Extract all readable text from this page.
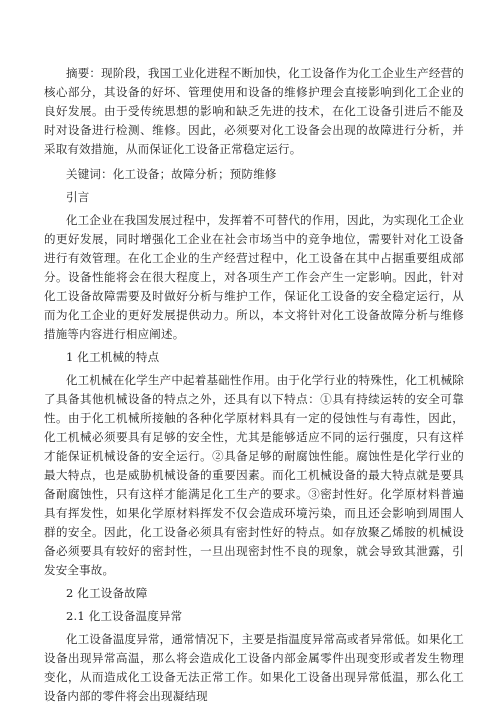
摘要：现阶段，我国工业化进程不断加快，化工设备作为化工企业生产经营的核心部分，其设备的好坏、管理使用和设备的维修护理会直接影响到化工企业的良好发展。由于受传统思想的影响和缺乏先进的技术，在化工设备引进后不能及时对设备进行检测、维修。因此，必须要对化工设备会出现的故障进行分析，并采取有效措施，从而保证化工设备正常稳定运行。

关键词：化工设备；故障分析；预防维修

引言

化工企业在我国发展过程中，发挥着不可替代的作用，因此，为实现化工企业的更好发展，同时增强化工企业在社会市场当中的竞争地位，需要针对化工设备进行有效管理。在化工企业的生产经营过程中，化工设备在其中占据重要组成部分。设备性能将会在很大程度上，对各项生产工作会产生一定影响。因此，针对化工设备故障需要及时做好分析与维护工作，保证化工设备的安全稳定运行，从而为化工企业的更好发展提供动力。所以，本文将针对化工设备故障分析与维修措施等内容进行相应阐述。

1 化工机械的特点

化工机械在化学生产中起着基础性作用。由于化学行业的特殊性，化工机械除了具备其他机械设备的特点之外，还具有以下特点：①具有持续运转的安全可靠性。由于化工机械所接触的各种化学原材料具有一定的侵蚀性与有毒性，因此，化工机械必须要具有足够的安全性，尤其是能够适应不同的运行强度，只有这样才能保证机械设备的安全运行。②具备足够的耐腐蚀性能。腐蚀性是化学行业的最大特点，也是威胁机械设备的重要因素。而化工机械设备的最大特点就是要具备耐腐蚀性，只有这样才能满足化工生产的要求。③密封性好。化学原材料普遍具有挥发性，如果化学原材料挥发不仅会造成环境污染，而且还会影响到周围人群的安全。因此，化工设备必须具有密封性好的特点。如存放聚乙烯胺的机械设备必须要具有较好的密封性，一旦出现密封性不良的现象，就会导致其泄露，引发安全事故。

2 化工设备故障

2.1 化工设备温度异常

化工设备温度异常，通常情况下，主要是指温度异常高或者异常低。如果化工设备出现异常高温，那么将会造成化工设备内部金属零件出现变形或者发生物理变化，从而造成化工设备无法正常工作。如果化工设备出现异常低温，那么化工设备内部的零件将会出现凝结现
